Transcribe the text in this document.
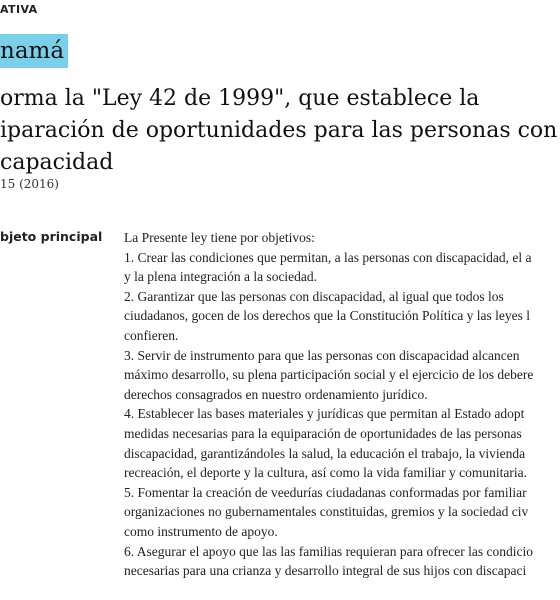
ATIVA
namá
orma la "Ley 42 de 1999", que establece la
iparación de oportunidades para las personas con
capacidad
15 (2016)
bjeto principal La Presente ley tiene por objetivos:
1. Crear las condiciones que permitan, a las personas con discapacidad, el a
y la plena integración a la sociedad.
2. Garantizar que las personas con discapacidad, al igual que todos los
ciudadanos, gocen de los derechos que la Constitución Política y las leyes l
confieren.
3. Servir de instrumento para que las personas con discapacidad alcancen
máximo desarrollo, su plena participación social y el ejercicio de los debere
derechos consagrados en nuestro ordenamiento jurídico.
4. Establecer las bases materiales y jurídicas que permitan al Estado adopt
medidas necesarias para la equiparación de oportunidades de las personas
discapacidad, garantizándoles la salud, la educación el trabajo, la vivienda
recreación, el deporte y la cultura, así como la vida familiar y comunitaria.
5. Fomentar la creación de veedurías ciudadanas conformadas por familiar
organizaciones no gubernamentales constituidas, gremios y la sociedad civ
como instrumento de apoyo.
6. Asegurar el apoyo que las las familias requieran para ofrecer las condicio
necesarias para una crianza y desarrollo integral de sus hijos con discapaci
